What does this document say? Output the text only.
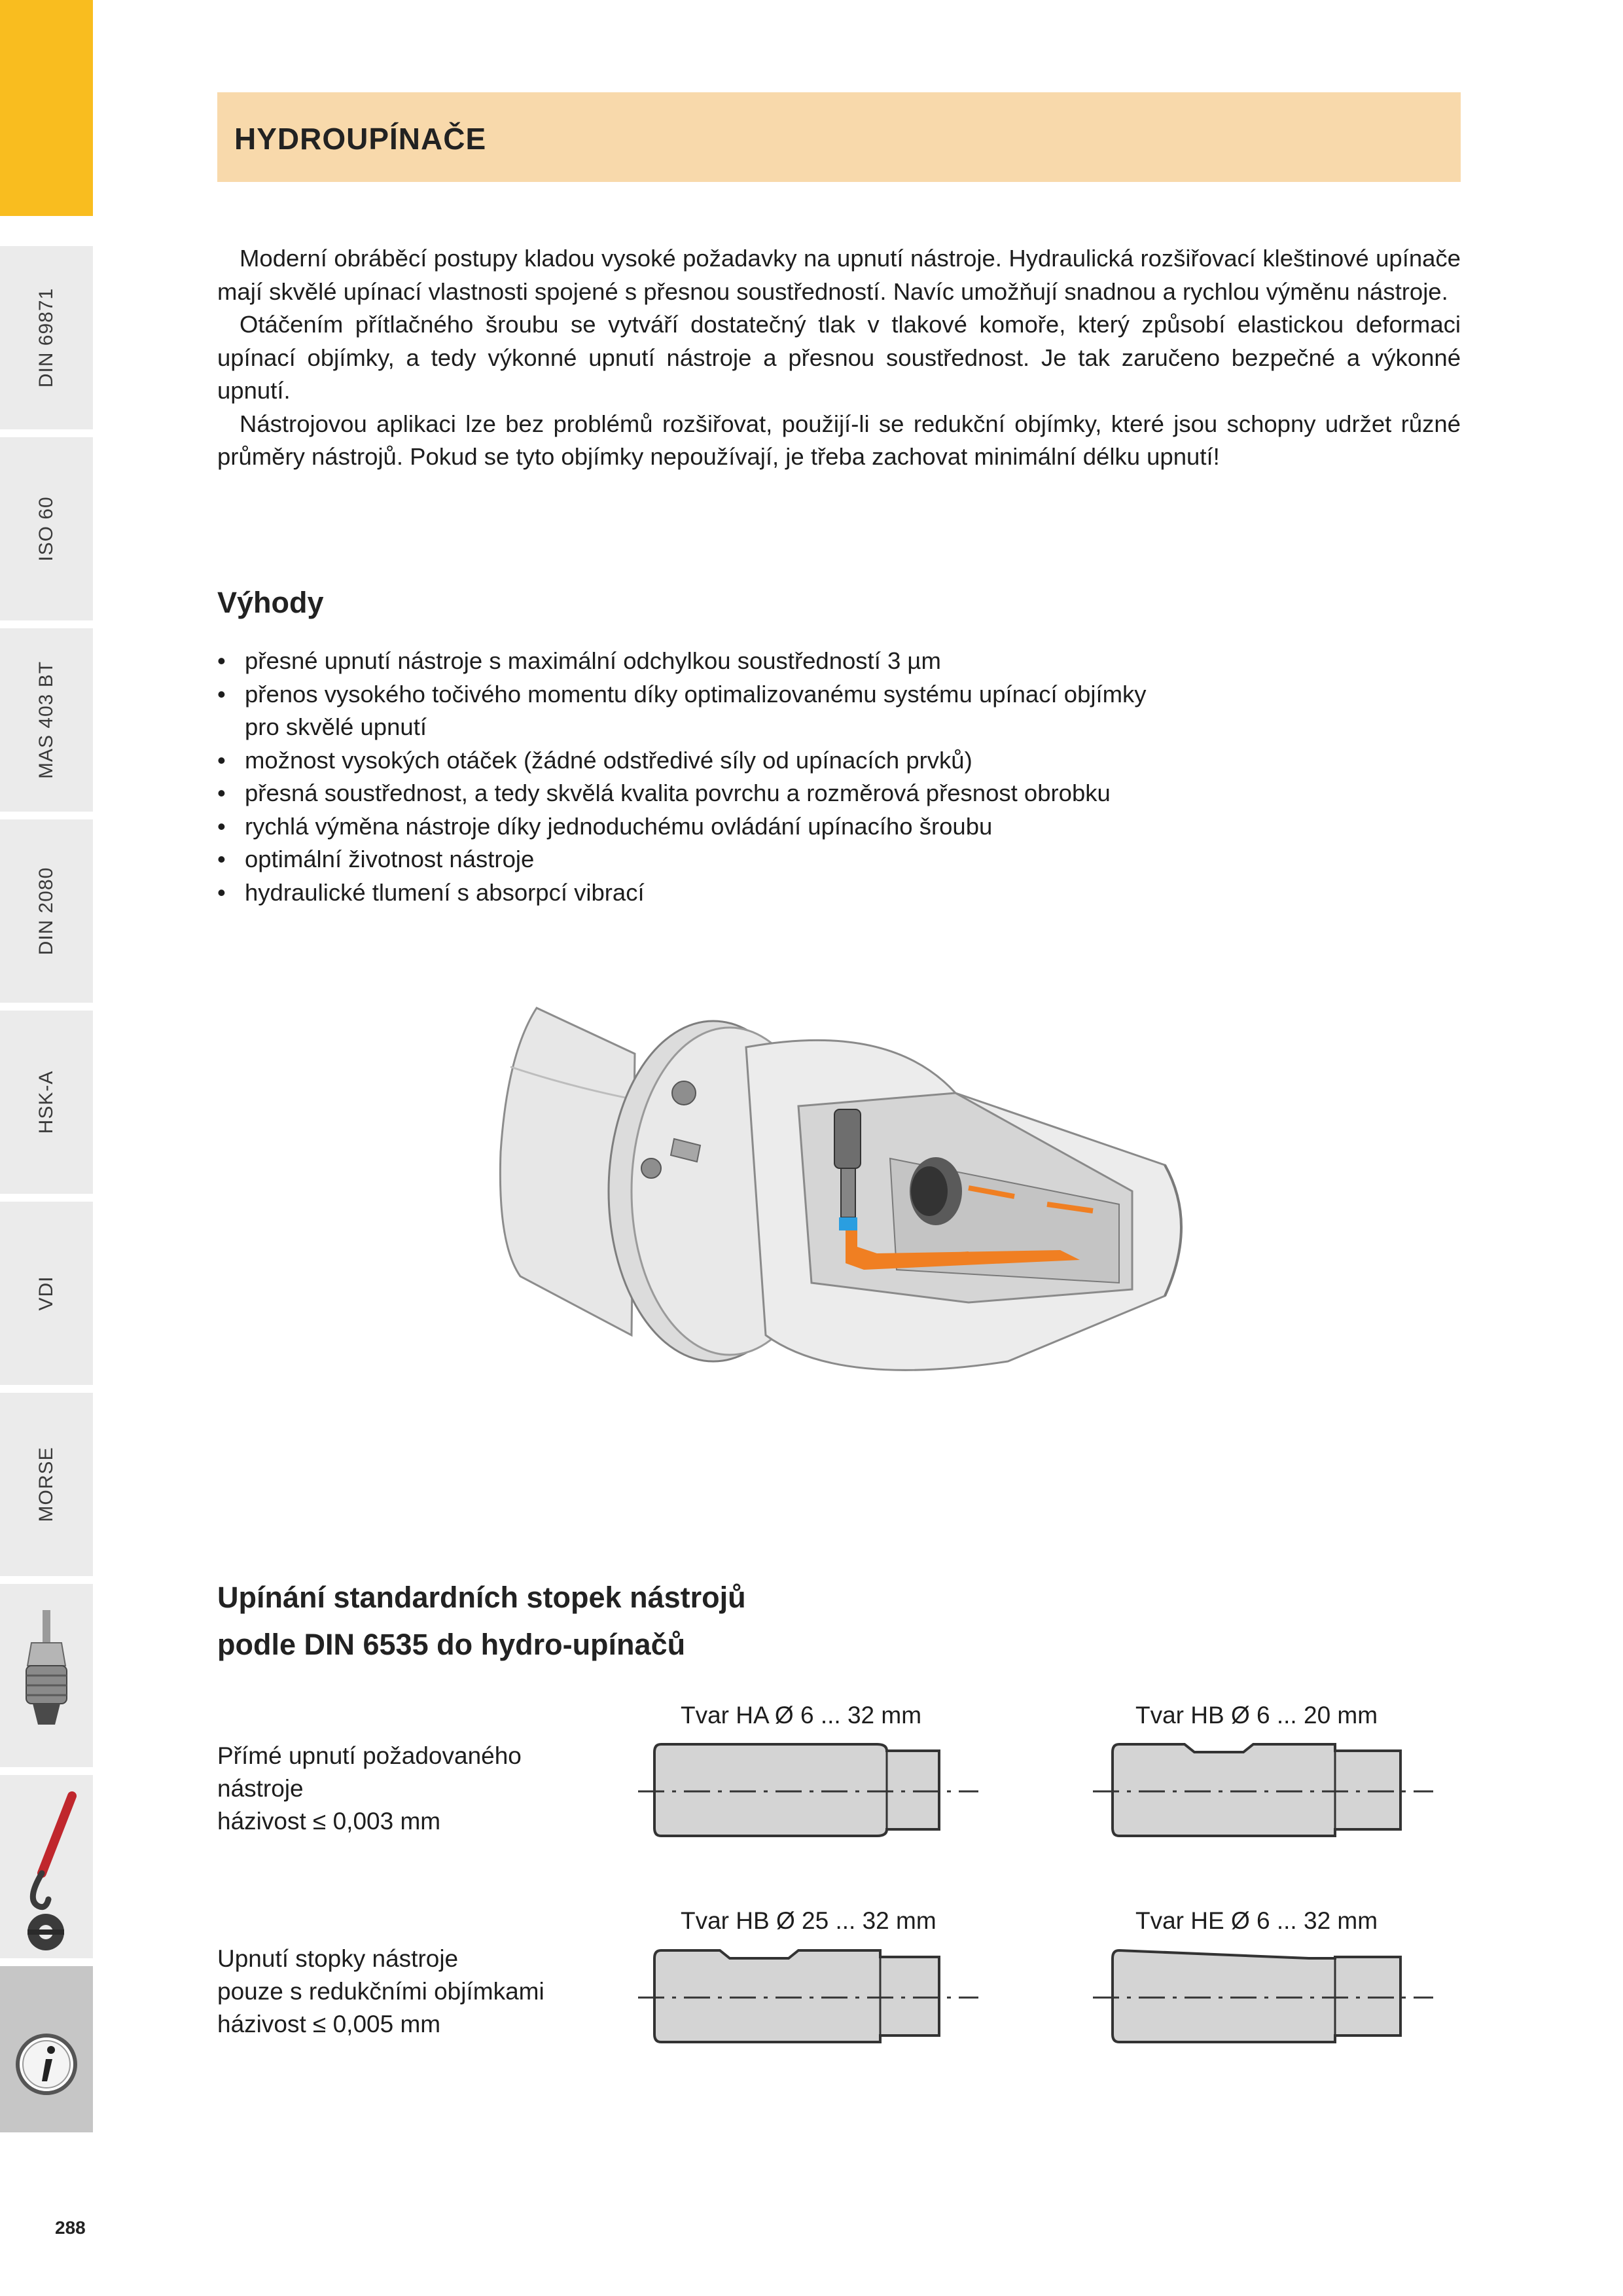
DIN 69871
ISO 60
MAS 403 BT
DIN 2080
HSK-A
VDI
MORSE
288
HYDROUPÍNAČE

Moderní obráběcí postupy kladou vysoké požadavky na upnutí nástroje. Hydraulická rozšiřovací kleštinové upínače mají skvělé upínací vlastnosti spojené s přesnou soustředností. Navíc umožňují snadnou a rychlou výměnu nástroje.

Otáčením přítlačného šroubu se vytváří dostatečný tlak v tlakové komoře, který způsobí elastickou deformaci upínací objímky, a tedy výkonné upnutí nástroje a přesnou soustřednost. Je tak zaručeno bezpečné a výkonné upnutí.

Nástrojovou aplikaci lze bez problémů rozšiřovat, použijí-li se redukční objímky, které jsou schopny udržet různé průměry nástrojů. Pokud se tyto objímky nepoužívají, je třeba zachovat minimální délku upnutí!

Výhody
• přesné upnutí nástroje s maximální odchylkou soustředností 3 µm
• přenos vysokého točivého momentu díky optimalizovanému systému upínací objímky pro skvělé upnutí
• možnost vysokých otáček (žádné odstředivé síly od upínacích prvků)
• přesná soustřednost, a tedy skvělá kvalita povrchu a rozměrová přesnost obrobku
• rychlá výměna nástroje díky jednoduchému ovládání upínacího šroubu
• optimální životnost nástroje
• hydraulické tlumení s absorpcí vibrací
Upínání standardních stopek nástrojů
podle DIN 6535 do hydro-upínačů
Přímé upnutí požadovaného
nástroje
házivost ≤ 0,003 mm
Tvar HA Ø 6 ... 32 mm	Tvar HB Ø 6 ... 20 mm
Upnutí stopky nástroje
pouze s redukčními objímkami
házivost ≤ 0,005 mm
Tvar HB Ø 25 ... 32 mm	Tvar HE Ø 6 ... 32 mm
